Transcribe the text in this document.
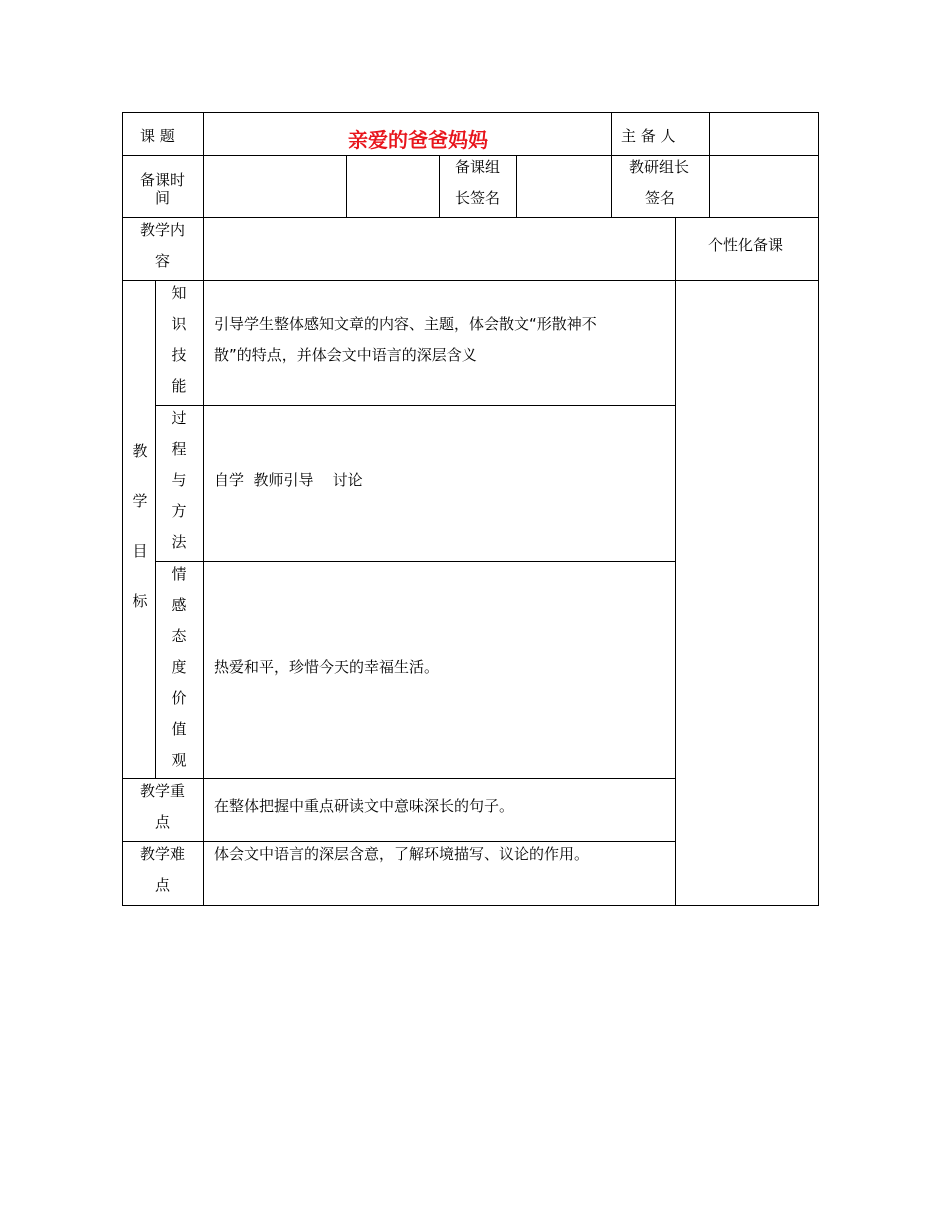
课 题	亲爱的爸爸妈妈	主 备 人
备课时
间
备课组
长签名
教研组长
签名
教学内
容
个性化备课
教
学
目
标
知
识
技
能
引导学生整体感知文章的内容、主题，体会散文“形散神不
散”的特点，并体会文中语言的深层含义
过
程
与
方
法
自学  教师引导    讨论
情
感
态
度
价
值
观
热爱和平，珍惜今天的幸福生活。
教学重
点
在整体把握中重点研读文中意味深长的句子。
教学难
点
体会文中语言的深层含意，了解环境描写、议论的作用。
